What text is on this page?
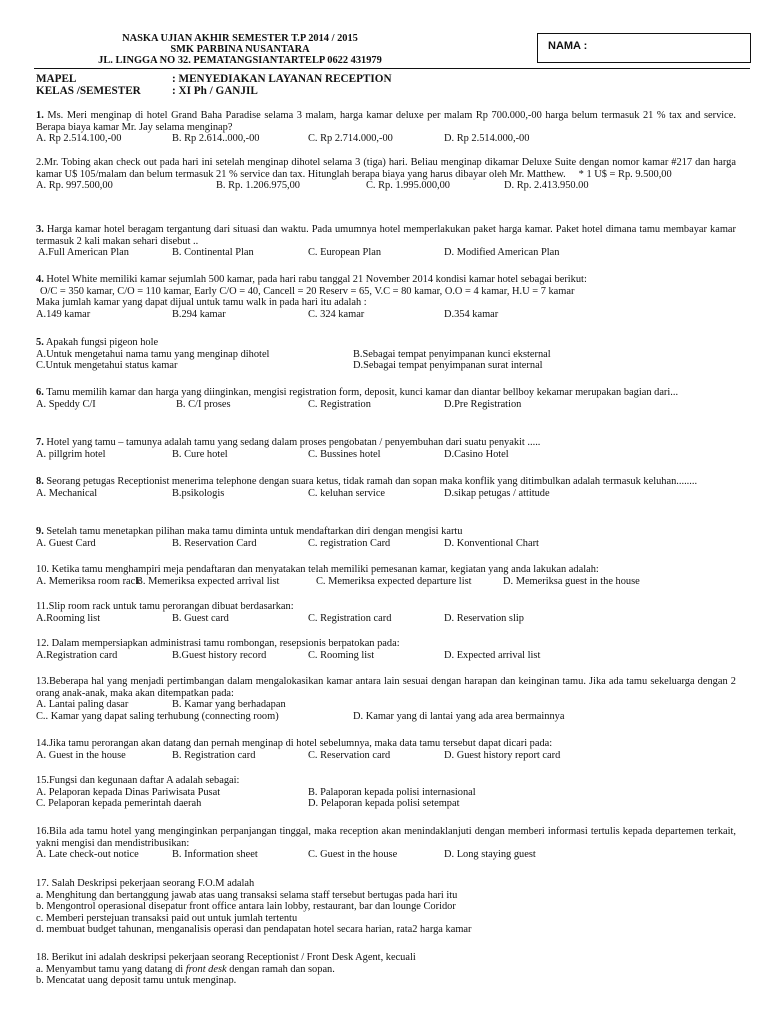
NASKA UJIAN AKHIR SEMESTER T.P 2014 / 2015
SMK PARBINA NUSANTARA
JL. LINGGA NO 32. PEMATANGSIANTARTELP 0622 431979
NAMA :
MAPEL	: MENYEDIAKAN LAYANAN RECEPTION
KELAS /SEMESTER	: XI Ph / GANJIL

1. Ms. Meri menginap di hotel Grand Baha Paradise selama 3 malam, harga kamar deluxe per malam Rp 700.000,-00 harga belum termasuk 21 % tax and service. Berapa biaya kamar Mr. Jay selama menginap?

A. Rp 2.514.100,-00	B. Rp 2.614..000,-00	C. Rp 2.714.000,-00	D. Rp 2.514.000,-00

2.Mr. Tobing akan check out pada hari ini setelah menginap dihotel selama 3 (tiga) hari. Beliau menginap dikamar Deluxe Suite dengan nomor kamar #217 dan harga kamar U$ 105/malam dan belum termasuk 21 % service dan tax. Hitunglah berapa biaya yang harus dibayar oleh Mr. Matthew. * 1 U$ = Rp. 9.500,00

A. Rp. 997.500,00	B. Rp. 1.206.975,00	C. Rp. 1.995.000,00	D. Rp. 2.413.950.00

3. Harga kamar hotel beragam tergantung dari situasi dan waktu. Pada umumnya hotel memperlakukan paket harga kamar. Paket hotel dimana tamu membayar kamar termasuk 2 kali makan sehari disebut ..

A.Full American Plan	B. Continental Plan	C. European Plan	D. Modified American Plan

4. Hotel White memiliki kamar sejumlah 500 kamar, pada hari rabu tanggal 21 November 2014 kondisi kamar hotel sebagai berikut:

O/C = 350 kamar, C/O = 110 kamar, Early C/O = 40, Cancell = 20 Reserv = 65, V.C = 80 kamar, O.O = 4 kamar, H.U = 7 kamar

Maka jumlah kamar yang dapat dijual untuk tamu walk in pada hari itu adalah :

A.149 kamar	B.294 kamar	C. 324 kamar	D.354 kamar

5. Apakah fungsi pigeon hole

A.Untuk mengetahui nama tamu yang menginap dihotel	B.Sebagai tempat penyimpanan kunci eksternal
C.Untuk mengetahui status kamar	D.Sebagai tempat penyimpanan surat internal

6. Tamu memilih kamar dan harga yang diinginkan, mengisi registration form, deposit, kunci kamar dan diantar bellboy kekamar merupakan bagian dari...

A. Speddy C/I	B. C/I proses	C. Registration	D.Pre Registration

7. Hotel yang tamu – tamunya adalah tamu yang sedang dalam proses pengobatan / penyembuhan dari suatu penyakit .....

A. pillgrim hotel	B. Cure hotel	C. Bussines hotel	D.Casino Hotel

8. Seorang petugas Receptionist menerima telephone dengan suara ketus, tidak ramah dan sopan maka konflik yang ditimbulkan adalah termasuk keluhan........

A. Mechanical	B.psikologis	C. keluhan service	D.sikap petugas / attitude

9. Setelah tamu menetapkan pilihan maka tamu diminta untuk mendaftarkan diri dengan mengisi kartu

A. Guest Card	B. Reservation Card	C. registration Card	D. Konventional Chart

10. Ketika tamu menghampiri meja pendaftaran dan menyatakan telah memiliki pemesanan kamar, kegiatan yang anda lakukan adalah:

A. Memeriksa room rack
B. Memeriksa expected arrival list	C. Memeriksa expected departure list	D. Memeriksa guest in the house

11.Slip room rack untuk tamu perorangan dibuat berdasarkan:

A.Rooming list	B. Guest card	C. Registration card	D. Reservation slip

12. Dalam mempersiapkan administrasi tamu rombongan, resepsionis berpatokan pada:

A.Registration card	B.Guest history record	C. Rooming list	D. Expected arrival list

13.Beberapa hal yang menjadi pertimbangan dalam mengalokasikan kamar antara lain sesuai dengan harapan dan keinginan tamu. Jika ada tamu sekeluarga dengan 2 orang anak-anak, maka akan ditempatkan pada:

A. Lantai paling dasar	B. Kamar yang berhadapan
C.. Kamar yang dapat saling terhubung (connecting room)	D. Kamar yang di lantai yang ada area bermainnya

14.Jika tamu perorangan akan datang dan pernah menginap di hotel sebelumnya, maka data tamu tersebut dapat dicari pada:

A. Guest in the house	B. Registration card	C. Reservation card	D. Guest history report card

15.Fungsi dan kegunaan daftar A adalah sebagai:

A. Pelaporan kepada Dinas Pariwisata Pusat	B. Palaporan kepada polisi internasional
C. Pelaporan kepada pemerintah daerah	D. Pelaporan kepada polisi setempat

16.Bila ada tamu hotel yang menginginkan perpanjangan tinggal, maka reception akan menindaklanjuti dengan memberi informasi tertulis kepada departemen terkait, yakni mengisi dan mendistribusikan:

A. Late check-out notice	B. Information sheet	C. Guest in the house	D. Long staying guest

17. Salah Deskripsi pekerjaan seorang F.O.M adalah

a. Menghitung dan bertanggung jawab atas uang transaksi selama staff tersebut bertugas pada hari itu

b. Mengontrol operasional disepatur front office antara lain lobby, restaurant, bar dan lounge Coridor

c. Memberi perstejuan transaksi paid out untuk jumlah tertentu

d. membuat budget tahunan, menganalisis operasi dan pendapatan hotel secara harian, rata2 harga kamar

18. Berikut ini adalah deskripsi pekerjaan seorang Receptionist / Front Desk Agent, kecuali

a. Menyambut tamu yang datang di front desk dengan ramah dan sopan.

b. Mencatat uang deposit tamu untuk menginap.
